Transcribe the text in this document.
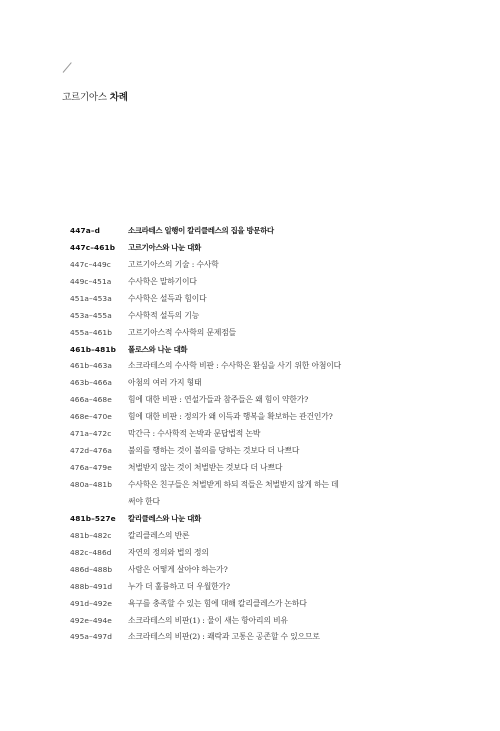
고르기아스 차례
447a–d	소크라테스 일행이 칼리클레스의 집을 방문하다
447c–461b	고르기아스와 나눈 대화
447c–449c	고르기아스의 기술 : 수사학
449c–451a	수사학은 말하기이다
451a–453a	수사학은 설득과 힘이다
453a–455a	수사학적 설득의 기능
455a–461b	고르기아스적 수사학의 문제점들
461b–481b	폴로스와 나눈 대화
461b–463a	소크라테스의 수사학 비판 : 수사학은 환심을 사기 위한 아첨이다
463b–466a	아첨의 여러 가지 형태
466a–468e	힘에 대한 비판 : 연설가들과 참주들은 왜 힘이 약한가?
468e–470e	힘에 대한 비판 : 정의가 왜 이득과 행복을 확보하는 관건인가?
471a–472c	막간극 : 수사학적 논박과 문답법적 논박
472d–476a	불의를 행하는 것이 불의를 당하는 것보다 더 나쁘다
476a–479e	처벌받지 않는 것이 처벌받는 것보다 더 나쁘다
480a–481b	수사학은 친구들은 처벌받게 하되 적들은 처벌받지 않게 하는 데
써야 한다
481b–527e	칼리클레스와 나눈 대화
481b–482c	칼리클레스의 반론
482c–486d	자연의 정의와 법의 정의
486d–488b	사람은 어떻게 살아야 하는가?
488b–491d	누가 더 훌륭하고 더 우월한가?
491d–492e	욕구를 충족할 수 있는 힘에 대해 칼리클레스가 논하다
492e–494e	소크라테스의 비판(1) : 물이 새는 항아리의 비유
495a–497d	소크라테스의 비판(2) : 쾌락과 고통은 공존할 수 있으므로
